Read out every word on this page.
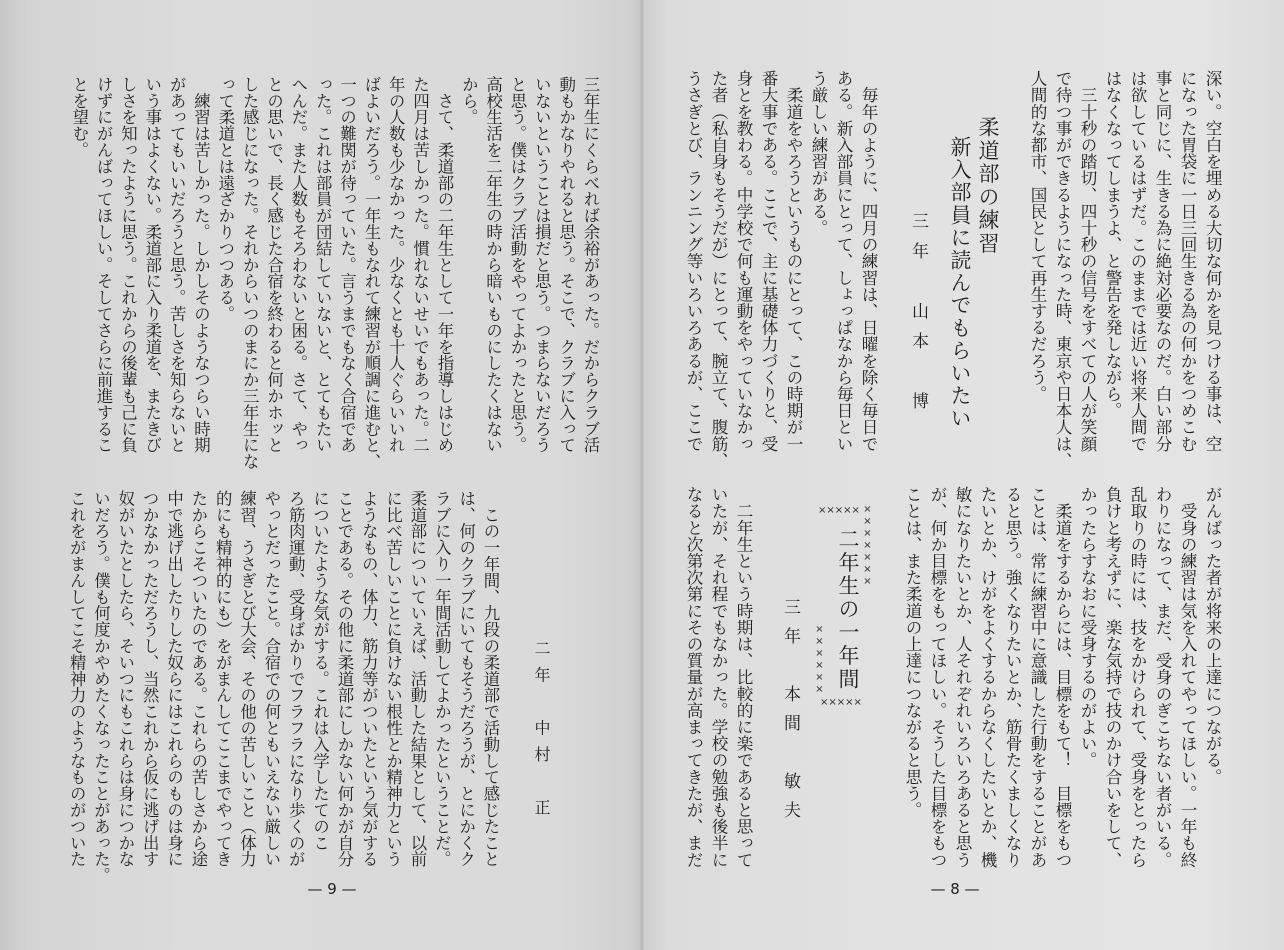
三年生にくらべれば余裕があった。だからクラブ活

動もかなりやれると思う。そこで、クラブに入って

いないということは損だと思う。つまらないだろう

と思う。僕はクラブ活動をやってよかったと思う。

高校生活を二年生の時から暗いものにしたくはない

から。

　さて、柔道部の二年生として一年を指導しはじめ

た四月は苦しかった。慣れないせいでもあった。二

年の人数も少なかった。少なくとも十人ぐらいいれ

ばよいだろう。一年生もなれて練習が順調に進むと、

一つの難関が待っていた。言うまでもなく合宿であ

った。これは部員が団結していないと、とてもたい

へんだ。また人数もそろわないと困る。さて、やっ

との思いで、長く感じた合宿を終わると何かホッと

した感じになった。それからいつのまにか三年生にな

って柔道とは遠ざかりつつある。

　練習は苦しかった。しかしそのようなつらい時期

があってもいいだろうと思う。苦しさを知らないと

いう事はよくない。柔道部に入り柔道を、またきび

しさを知ったように思う。これからの後輩も己に負

けずにがんばってほしい。そしてさらに前進するこ

とを望む。

二年　中村　正

　この一年間、九段の柔道部で活動して感じたこと

は、何のクラブにいてもそうだろうが、とにかくク

ラブに入り一年間活動してよかったということだ。

柔道部についていえば、活動した結果として、以前

に比べ苦しいことに負けない根性とか精神力という

ようなもの、体力、筋力等がついたという気がする

ことである。その他に柔道部にしかない何かが自分

についたような気がする。これは入学したてのこ

ろ筋肉運動、受身ばかりでフラフラになり歩くのが

やっとだったこと。合宿での何ともいえない厳しい

練習、うさぎとび大会、その他の苦しいこと（体力

的にも精神的にも）をがまんしてここまでやってき

たからこそついたのである。これらの苦しさから途

中で逃げ出したりした奴らにはこれらのものは身に

つかなかっただろうし、当然これから仮に逃げ出す

奴がいたとしたら、そいつにもこれらは身につかな

いだろう。僕も何度かやめたくなったことがあった。

これをがまんしてこそ精神力のようなものがついた

— 9 —

深い。空白を埋める大切な何かを見つける事は、空

になった胃袋に一日三回生きる為の何かをつめこむ

事と同じに、生きる為に絶対必要なのだ。白い部分

は欲しているはずだ。このままでは近い将来人間で

はなくなってしまうよ、と警告を発しながら。

　三十秒の踏切、四十秒の信号をすべての人が笑顔

で待つ事ができるようになった時、東京や日本人は、

人間的な都市、国民として再生するだろう。

柔道部の練習
新入部員に読んでもらいたい
三年　山本　博

　毎年のように、四月の練習は、日曜を除く毎日で

ある。新入部員にとって、しょっぱなから毎日とい

う厳しい練習がある。

　柔道をやろうというものにとって、この時期が一

番大事である。ここで、主に基礎体力づくりと、受

身とを教わる。中学校で何も運動をやっていなかっ

た者（私自身もそうだが）にとって、腕立て、腹筋、

うさぎとび、ランニング等いろいろあるが、ここで

がんばった者が将来の上達につながる。

　受身の練習は気を入れてやってほしい。一年も終

わりになって、まだ、受身のぎこちない者がいる。

乱取りの時には、技をかけられて、受身をとったら

負けと考えずに、楽な気持で技のかけ合いをして、

かったらすなおに受身するのがよい。

　柔道をするからには、目標をもて！　目標をもつ

ことは、常に練習中に意識した行動をすることがあ

ると思う。強くなりたいとか、筋骨たくましくなり

たいとか、けがをよくするからなくしたいとか、機

敏になりたいとか、人それぞれいろいろあると思う

が、何か目標をもってほしい。そうした目標をもつ

ことは、また柔道の上達につながると思う。

××××× ×××××××
二年生の一年間
××××××
×××××
三年　本間　敏夫

　二年生という時期は、比較的に楽であると思って

いたが、それ程でもなかった。学校の勉強も後半に

なると次第次第にその質量が高まってきたが、まだ

— 8 —
